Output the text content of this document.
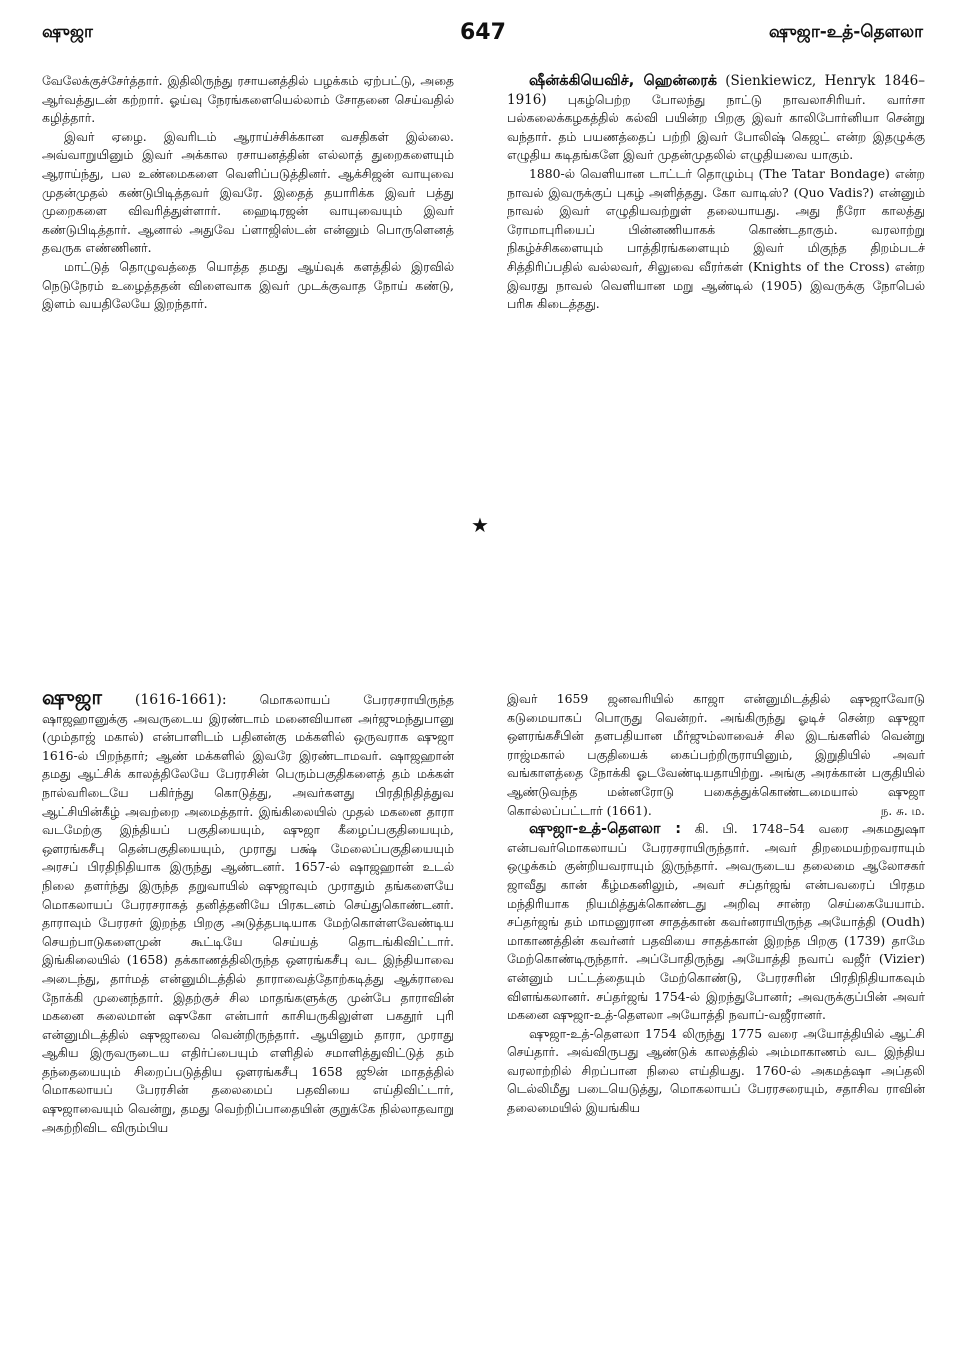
ஷுஜா	647	ஷுஜா-உத்-தௌலா

வேலேக்குச்சேர்த்தார். இதிலிருந்து ரசாயனத்தில் பழக்கம் ஏற்பட்டு, அதை ஆர்வத்துடன் கற்றார். ஓய்வு நேரங்களையெல்லாம் சோதனை செய்வதில் கழித்தார்.

இவர் ஏழை. இவரிடம் ஆராய்ச்சிக்கான வசதிகள் இல்லை. அவ்வாறுயினும் இவர் அக்கால ரசாயனத்தின் எல்லாத் துறைகளையும் ஆராய்ந்து, பல உண்மைகளை வெளிப்படுத்தினர். ஆக்சிஜன் வாயுவை முதன்முதல் கண்டுபிடித்தவர் இவரே. இதைத் தயாரிக்க இவர் பத்து முறைகளை விவரித்துள்ளார். ஹைடிரஜன் வாயுவையும் இவர் கண்டுபிடித்தார். ஆனால் அதுவே ப்ளாஜிஸ்டன் என்னும் பொருளெனத் தவருக எண்ணினர்.

மாட்டுத் தொழுவத்தை யொத்த தமது ஆய்வுக் களத்தில் இரவில் நெடுநேரம் உழைத்ததன் விளைவாக இவர் முடக்குவாத நோய் கண்டு, இளம் வயதிலேயே இறந்தார்.

ஷீன்க்கியெவிச், ஹென்ரைக் (Sienkiewicz, Henryk 1846–1916) புகழ்பெற்ற போலந்து நாட்டு நாவலாசிரியர். வார்சா பல்கலைக்கழகத்தில் கல்வி பயின்ற பிறகு இவர் காலிபோர்னியா சென்று வந்தார். தம் பயணத்தைப் பற்றி இவர் போலிஷ் கெஜட் என்ற இதழுக்கு எழுதிய கடிதங்களே இவர் முதன்முதலில் எழுதியவை யாகும்.

1880-ல் வெளியான டாட்டர் தொழும்பு (The Tatar Bondage) என்ற நாவல் இவருக்குப் புகழ் அளித்தது. கோ வாடிஸ்? (Quo Vadis?) என்னும் நாவல் இவர் எழுதியவற்றுள் தலையாயது. அது நீரோ காலத்து ரோமாபுரியைப் பின்னணியாகக் கொண்டதாகும். வரலாற்று நிகழ்ச்சிகளையும் பாத்திரங்களையும் இவர் மிகுந்த திறம்படச் சித்திரிப்பதில் வல்லவர், சிலுவை வீரர்கள் (Knights of the Cross) என்ற இவரது நாவல் வெளியான மறு ஆண்டில் (1905) இவருக்கு நோபெல் பரிசு கிடைத்தது.

★

ஷுஜா (1616-1661):	மொகலாயப் பேரரசராயிருந்த ஷாஜஹானுக்கு அவருடைய இரண்டாம் மனைவியான அர்ஜுமந்துபானு (மும்தாஜ் மகால்) என்பாளிடம் பதினன்கு மக்களில் ஒருவராக ஷுஜா 1616-ல் பிறந்தார்; ஆண் மக்களில் இவரே இரண்டாமவர். ஷாஜஹான் தமது ஆட்சிக் காலத்திலேயே பேரரசின் பெரும்பகுதிகளைத் தம் மக்கள் நால்வரிடையே பகிர்ந்து கொடுத்து, அவர்களது பிரதிநிதித்துவ ஆட்சியின்கீழ் அவற்றை அமைத்தார். இங்கிலையில் முதல் மகனை தாரா வடமேற்கு இந்தியப் பகுதியையும், ஷுஜா கீழைப்பகுதியையும், ஔரங்கசீபு தென்பகுதியையும், முராது பக்ஷ் மேலைப்பகுதியையும் அரசப் பிரதிநிதியாக இருந்து ஆண்டனர். 1657-ல் ஷாஜஹான் உடல் நிலை தளர்ந்து இருந்த தறுவாயில் ஷுஜாவும் முராதும் தங்களையே மொகலாயப் பேரரசராகத் தனித்தனியே பிரகடனம் செய்துகொண்டனர். தாராவும் பேரரசர் இறந்த பிறகு அடுத்தபடியாக மேற்கொள்ளவேண்டிய செயற்பாடுகளைமுன் கூட்டியே செய்யத் தொடங்கிவிட்டார். இங்கிலையில் (1658) தக்காணத்திலிருந்த ஔரங்கசீபு வட இந்தியாவை அடைந்து, தார்மத் என்னுமிடத்தில் தாராவைத்தோற்கடித்து ஆக்ராவை நோக்கி முனைந்தார். இதற்குச் சில மாதங்களுக்கு முன்பே தாராவின் மகனை சுலைமான் ஷுகோ என்பார் காசியருகிலுள்ள பகதூர் புரி என்னுமிடத்தில் ஷுஜாவை வென்றிருந்தார். ஆயினும் தாரா, முராது ஆகிய இருவருடைய எதிர்ப்பையும் எளிதில் சமாளித்துவிட்டுத் தம் தந்தையையும் சிறைப்படுத்திய ஔரங்கசீபு 1658 ஜூன் மாதத்தில் மொகலாயப் பேரரசின் தலைமைப் பதவியை எய்திவிட்டார், ஷுஜாவையும் வென்று, தமது வெற்றிப்பாதையின் குறுக்கே நில்லாதவாறு அகற்றிவிட விரும்பிய

இவர் 1659 ஜனவரியில் காஜா என்னுமிடத்தில் ஷுஜாவோடு கடுமையாகப் பொருது வென்றர். அங்கிருந்து ஓடிச் சென்ற ஷுஜா ஔரங்கசீபின் தளபதியான மீர்ஜும்லாவைச் சில இடங்களில் வென்று ராஜ்மகால் பகுதியைக் கைப்பற்றிருராயினும், இறுதியில் அவர் வங்காளத்தை நோக்கி ஓடவேண்டியதாயிற்று. அங்கு அரக்கான் பகுதியில் ஆண்டுவந்த மன்னரோடு பகைத்துக்கொண்டமையால் ஷுஜா கொல்லப்பட்டார் (1661).	ந. சு. ம.

ஷுஜா-உத்-தௌலா : கி. பி. 1748–54 வரை அகமதுஷா என்பவர்மொகலாயப் பேரரசராயிருந்தார். அவர் திறமையற்றவராயும் ஒழுக்கம் குன்றியவராயும் இருந்தார். அவருடைய தலைமை ஆலோசகர் ஜாவீது கான் கீழ்மகனிலும், அவர் சப்தர்ஜங் என்பவரைப் பிரதம மந்திரியாக நியமித்துக்கொண்டது அறிவு சான்ற செய்கையேயாம். சப்தர்ஜங் தம் மாமனுரான சாதத்கான் கவர்னராயிருந்த அயோத்தி (Oudh) மாகாணத்தின் கவர்னர் பதவியை சாதத்கான் இறந்த பிறகு (1739) தாமே மேற்கொண்டிருந்தார். அப்போதிருந்து அயோத்தி நவாப் வஜீர் (Vizier) என்னும் பட்டத்தையும் மேற்கொண்டு, பேரரசரின் பிரதிநிதியாகவும் விளங்கலானர். சப்தர்ஜங் 1754-ல் இறந்துபோனர்; அவருக்குப்பின் அவர் மகனை ஷுஜா-உத்-தௌலா அயோத்தி நவாப்-வஜீரானர்.

ஷுஜா-உத்-தௌலா 1754 லிருந்து 1775 வரை அயோத்தியில் ஆட்சி செய்தார். அவ்விருபது ஆண்டுக் காலத்தில் அம்மாகாணம் வட இந்திய வரலாற்றில் சிறப்பான நிலை எய்தியது. 1760-ல் அகமத்ஷா அப்தலி டெல்லிமீது படையெடுத்து, மொகலாயப் பேரரசரையும், சதாசிவ ராவின் தலைமையில் இயங்கிய
